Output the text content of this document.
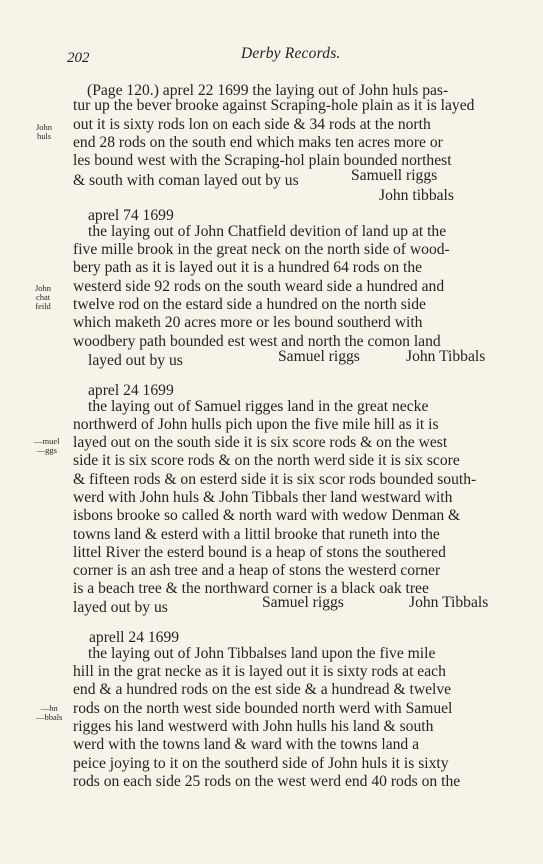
202	Derby Records.
(Page 120.) aprel 22 1699 the laying out of John huls pas-
tur up the bever brooke against Scraping-hole plain as it is layed
out it is sixty rods lon on each side & 34 rods at the north
end 28 rods on the south end which maks ten acres more or
les bound west with the Scraping-hol plain bounded northest
& south with coman layed out by us	Samuell riggs
John tibbals
John
huls
aprel 74 1699
the laying out of John Chatfield devition of land up at the
five mille brook in the great neck on the north side of wood-
bery path as it is layed out it is a hundred 64 rods on the
westerd side 92 rods on the south weard side a hundred and
twelve rod on the estard side a hundred on the north side
which maketh 20 acres more or les bound southerd with
woodbery path bounded est west and north the comon land
layed out by us	Samuel riggs	John Tibbals
John
chat
feild
aprel 24 1699
the laying out of Samuel rigges land in the great necke
northwerd of John hulls pich upon the five mile hill as it is
layed out on the south side it is six score rods & on the west
side it is six score rods & on the north werd side it is six score
& fifteen rods & on esterd side it is six scor rods bounded south-
werd with John huls & John Tibbals ther land westward with
isbons brooke so called & north ward with wedow Denman &
towns land & esterd with a littil brooke that runeth into the
littel River the esterd bound is a heap of stons the southered
corner is an ash tree and a heap of stons the westerd corner
is a beach tree & the northward corner is a black oak tree
layed out by us	Samuel riggs	John Tibbals
—muel
—ggs
aprell 24 1699
the laying out of John Tibbalses land upon the five mile
hill in the grat necke as it is layed out it is sixty rods at each
end & a hundred rods on the est side & a hundread & twelve
rods on the north west side bounded north werd with Samuel
rigges his land westwerd with John hulls his land & south
werd with the towns land & ward with the towns land a
peice joying to it on the southerd side of John huls it is sixty
rods on each side 25 rods on the west werd end 40 rods on the
—hn
—bbals
